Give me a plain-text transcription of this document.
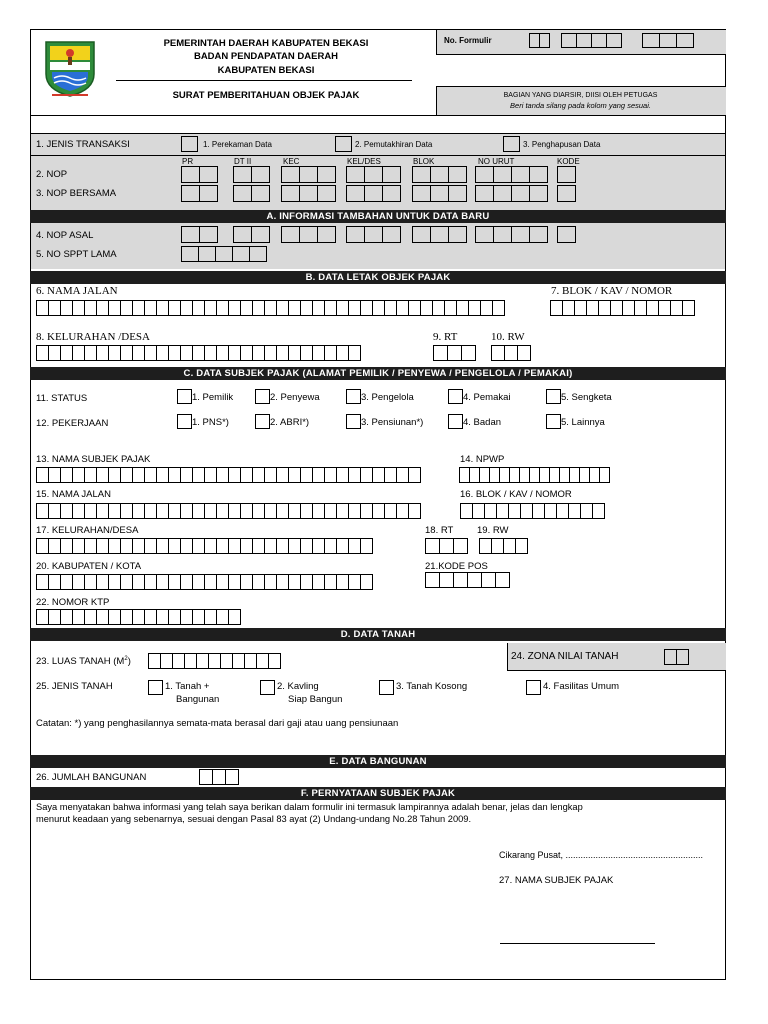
PEMERINTAH DAERAH KABUPATEN BEKASI
BADAN PENDAPATAN DAERAH
KABUPATEN BEKASI
SURAT PEMBERITAHUAN OBJEK PAJAK
No. Formulir
BAGIAN YANG DIARSIR, DIISI OLEH PETUGAS
Beri tanda silang pada kolom yang sesuai.
1. JENIS TRANSAKSI	1. Perekaman Data	2. Pemutakhiran Data	3. Penghapusan Data
PR	DT II	KEC	KEL/DES	BLOK	NO URUT	KODE
2. NOP
3. NOP BERSAMA
A. INFORMASI TAMBAHAN UNTUK DATA BARU
4. NOP ASAL
5. NO SPPT LAMA
B. DATA LETAK OBJEK PAJAK
6. NAMA JALAN	7. BLOK / KAV / NOMOR
8. KELURAHAN /DESA	9. RT	10. RW
C. DATA SUBJEK PAJAK (ALAMAT PEMILIK / PENYEWA / PENGELOLA / PEMAKAI)
11. STATUS	1. Pemilik	2. Penyewa	3. Pengelola	4. Pemakai	5. Sengketa
12. PEKERJAAN	1. PNS*)	2. ABRI*)	3. Pensiunan*)	4. Badan	5. Lainnya
13. NAMA SUBJEK PAJAK	14. NPWP
15. NAMA JALAN	16. BLOK / KAV / NOMOR
17. KELURAHAN/DESA	18. RT 19. RW
20. KABUPATEN / KOTA	21.KODE POS
22. NOMOR KTP
D. DATA TANAH
24. ZONA NILAI TANAH
23. LUAS TANAH $(M^2)$
25. JENIS TANAH	1. Tanah +
Bangunan
2. Kavling
Siap Bangun
3. Tanah Kosong	4. Fasilitas Umum
Catatan: *) yang penghasilannya semata-mata berasal dari gaji atau uang pensiunaan
E. DATA BANGUNAN
26. JUMLAH BANGUNAN
F. PERNYATAAN SUBJEK PAJAK
Saya menyatakan bahwa informasi yang telah saya berikan dalam formulir ini termasuk lampirannya adalah benar, jelas dan lengkap
menurut keadaan yang sebenarnya, sesuai dengan Pasal 83 ayat (2) Undang-undang No.28 Tahun 2009.
Cikarang Pusat, .......................................................
27. NAMA SUBJEK PAJAK
